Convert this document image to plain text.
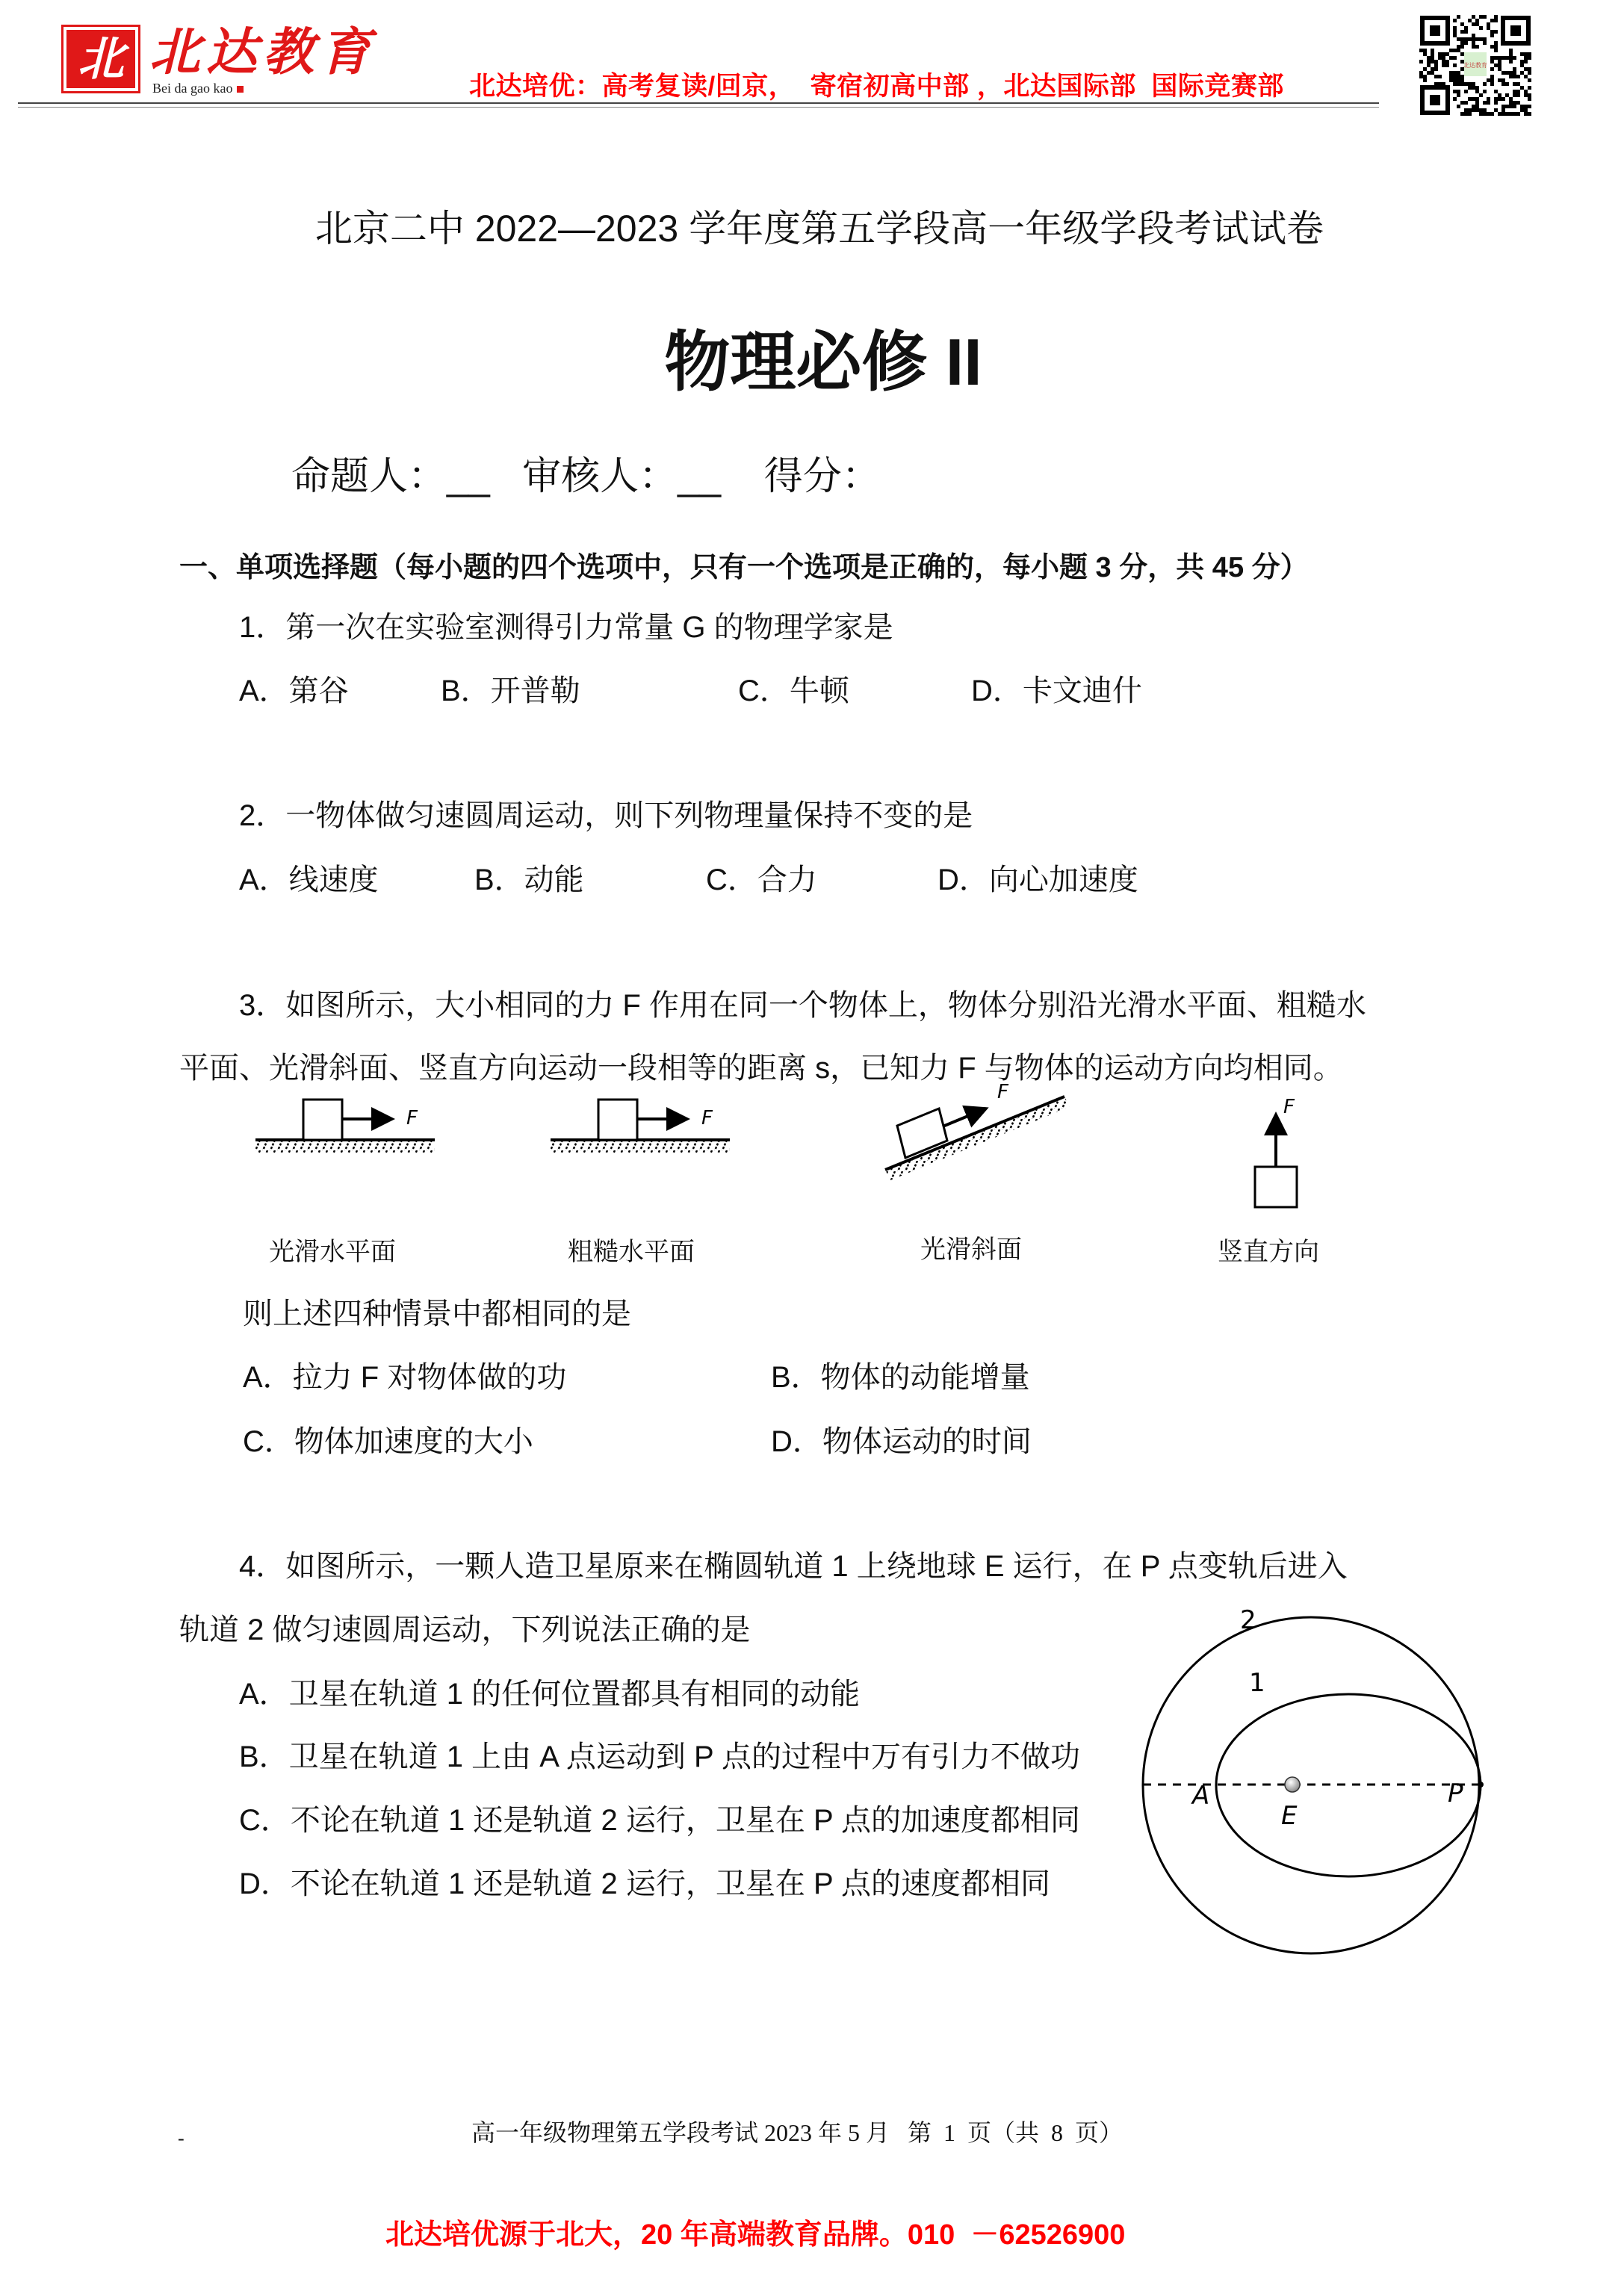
北 北达教育
Bei da gao kao	北达培优：高考复读/回京，  寄宿初高中部 ，北达国际部  国际竞赛部
北达教育
北京二中 2022—2023 学年度第五学段高一年级学段考试试卷
物理必修 II
命题人：__   审核人：__    得分：
一、单项选择题（每小题的四个选项中，只有一个选项是正确的，每小题 3 分，共 45 分）
1．第一次在实验室测得引力常量 G 的物理学家是
A．第谷	B．开普勒	C．牛顿	D．卡文迪什
2．一物体做匀速圆周运动，则下列物理量保持不变的是
A．线速度	B．动能	C．合力	D．向心加速度
3．如图所示，大小相同的力 F 作用在同一个物体上，物体分别沿光滑水平面、粗糙水
平面、光滑斜面、竖直方向运动一段相等的距离 s，已知力 F 与物体的运动方向均相同。
F	F
F
F
光滑水平面	粗糙水平面	光滑斜面	竖直方向
则上述四种情景中都相同的是
A．拉力 F 对物体做的功	B．物体的动能增量
C．物体加速度的大小	D．物体运动的时间
4．如图所示，一颗人造卫星原来在椭圆轨道 1 上绕地球 E 运行，在 P 点变轨后进入
轨道 2 做匀速圆周运动，下列说法正确的是
A．卫星在轨道 1 的任何位置都具有相同的动能
B．卫星在轨道 1 上由 A 点运动到 P 点的过程中万有引力不做功
C．不论在轨道 1 还是轨道 2 运行，卫星在 P 点的加速度都相同
D．不论在轨道 1 还是轨道 2 运行，卫星在 P 点的速度都相同
2
1
A
E
P
-	高一年级物理第五学段考试 2023 年 5 月   第  1  页（共  8  页）
北达培优源于北大，20 年高端教育品牌。010  －62526900
